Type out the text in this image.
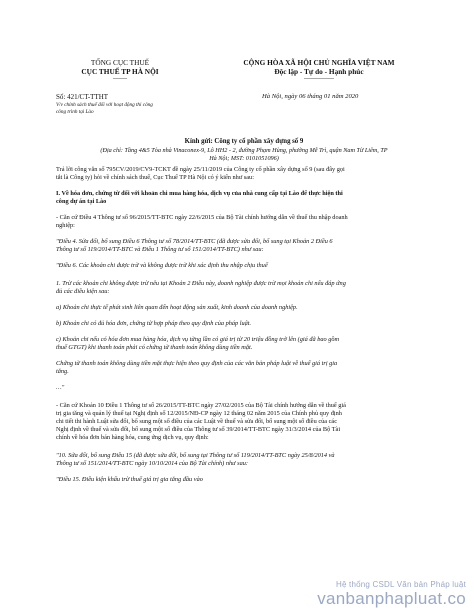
TỔNG CỤC THUẾ
CỤC THUẾ TP HÀ NỘI
-------
CỘNG HÒA XÃ HỘI CHỦ NGHĨA VIỆT NAM
Độc lập - Tự do - Hạnh phúc
---------------
Số: 421/CT-TTHT
V/v chính sách thuế đối với hoạt động thi công
công trình tại Lào
Hà Nội, ngày 06 tháng 01 năm 2020
Kính gửi: Công ty cổ phần xây dựng số 9
(Địa chỉ: Tầng 4&5 Tòa nhà Vinaconex-9, Lô HH2 - 2, đường Phạm Hùng, phường Mễ Trì, quận Nam Từ Liêm, TP
Hà Nội; MST: 0101051096)
Trả lời công văn số 795CV/2019/CV9-TCKT đề ngày 25/11/2019 của Công ty cổ phần xây dựng số 9 (sau đây gọi
tắt là Công ty) hỏi về chính sách thuế, Cục Thuế TP Hà Nội có ý kiến như sau:
I. Về hóa đơn, chứng từ đối với khoản chi mua hàng hóa, dịch vụ của nhà cung cấp tại Lào để thực hiện thi
công dự án tại Lào
- Căn cứ Điều 4 Thông tư số 96/2015/TT-BTC ngày 22/6/2015 của Bộ Tài chính hướng dẫn về thuế thu nhập doanh
nghiệp:
"Điều 4. Sửa đổi, bổ sung Điều 6 Thông tư số 78/2014/TT-BTC (đã được sửa đổi, bổ sung tại Khoản 2 Điều 6
Thông tư số 119/2014/TT-BTC và Điều 1 Thông tư số 151/2014/TT-BTC) như sau:
"Điều 6. Các khoản chi được trừ và không được trừ khi xác định thu nhập chịu thuế
1. Trừ các khoản chi không được trừ nêu tại Khoản 2 Điều này, doanh nghiệp được trừ mọi khoản chi nếu đáp ứng
đủ các điều kiện sau:
a) Khoản chi thực tế phát sinh liên quan đến hoạt động sản xuất, kinh doanh của doanh nghiệp.
b) Khoản chi có đủ hóa đơn, chứng từ hợp pháp theo quy định của pháp luật.
c) Khoản chi nếu có hóa đơn mua hàng hóa, dịch vụ từng lần có giá trị từ 20 triệu đồng trở lên (giá đã bao gồm
thuế GTGT) khi thanh toán phải có chứng từ thanh toán không dùng tiền mặt.
Chứng từ thanh toán không dùng tiền mặt thực hiện theo quy định của các văn bản pháp luật về thuế giá trị gia
tăng.
…"
- Căn cứ Khoản 10 Điều 1 Thông tư số 26/2015/TT-BTC ngày 27/02/2015 của Bộ Tài chính hướng dẫn về thuế giá
trị gia tăng và quản lý thuế tại Nghị định số 12/2015/NĐ-CP ngày 12 tháng 02 năm 2015 của Chính phủ quy định
chi tiết thi hành Luật sửa đổi, bổ sung một số điều của các Luật về thuế và sửa đổi, bổ sung một số điều của các
Nghị định về thuế và sửa đổi, bổ sung một số điều của Thông tư số 39/2014/TT-BTC ngày 31/3/2014 của Bộ Tài
chính về hóa đơn bán hàng hóa, cung ứng dịch vụ, quy định:
"10. Sửa đổi, bổ sung Điều 15 (đã được sửa đổi, bổ sung tại Thông tư số 119/2014/TT-BTC ngày 25/8/2014 và
Thông tư số 151/2014/TT-BTC ngày 10/10/2014 của Bộ Tài chính) như sau:
"Điều 15. Điều kiện khấu trừ thuế giá trị gia tăng đầu vào
Hệ thống CSDL Văn bản Pháp luật
vanbanphapluat.co
